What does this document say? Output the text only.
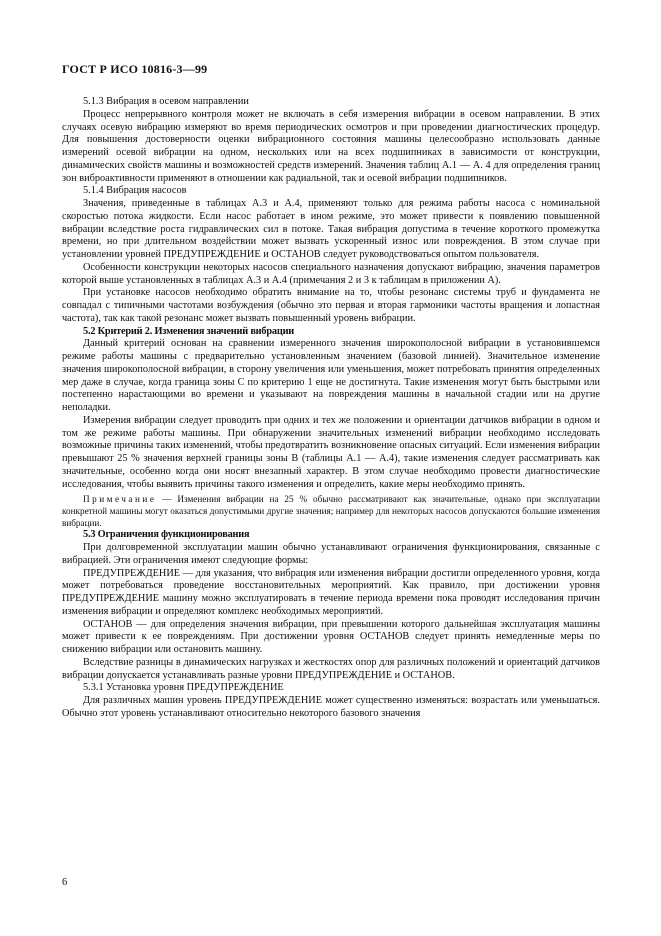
ГОСТ Р ИСО 10816-3—99

5.1.3 Вибрация в осевом направлении

Процесс непрерывного контроля может не включать в себя измерения вибрации в осевом направлении. В этих случаях осевую вибрацию измеряют во время периодических осмотров и при проведении диагностических процедур. Для повышения достоверности оценки вибрационного состояния машины целесообразно использовать данные измерений осевой вибрации на одном, нескольких или на всех подшипниках в зависимости от конструкции, динамических свойств машины и возможностей средств измерений. Значения таблиц А.1 — А. 4 для определения границ зон виброактивности применяют в отношении как радиальной, так и осевой вибрации подшипников.

5.1.4 Вибрация насосов

Значения, приведенные в таблицах А.3 и А.4, применяют только для режима работы насоса с номинальной скоростью потока жидкости. Если насос работает в ином режиме, это может привести к появлению повышенной вибрации вследствие роста гидравлических сил в потоке. Такая вибрация допустима в течение короткого промежутка времени, но при длительном воздействии может вызвать ускоренный износ или повреждения. В этом случае при установлении уровней ПРЕДУПРЕЖДЕНИЕ и ОСТАНОВ следует руководствоваться опытом пользователя.

Особенности конструкции некоторых насосов специального назначения допускают вибрацию, значения параметров которой выше установленных в таблицах А.3 и А.4 (примечания 2 и 3 к таблицам в приложении А).

При установке насосов необходимо обратить внимание на то, чтобы резонанс системы труб и фундамента не совпадал с типичными частотами возбуждения (обычно это первая и вторая гармоники частоты вращения и лопастная частота), так как такой резонанс может вызвать повышенный уровень вибрации.

5.2 Критерий 2. Изменения значений вибрации

Данный критерий основан на сравнении измеренного значения широкополосной вибрации в установившемся режиме работы машины с предварительно установленным значением (базовой линией). Значительное изменение значения широкополосной вибрации, в сторону увеличения или уменьшения, может потребовать принятия определенных мер даже в случае, когда граница зоны С по критерию 1 еще не достигнута. Такие изменения могут быть быстрыми или постепенно нарастающими во времени и указывают на повреждения машины в начальной стадии или на другие неполадки.

Измерения вибрации следует проводить при одних и тех же положении и ориентации датчиков вибрации в одном и том же режиме работы машины. При обнаружении значительных изменений вибрации необходимо исследовать возможные причины таких изменений, чтобы предотвратить возникновение опасных ситуаций. Если изменения вибрации превышают 25 % значения верхней границы зоны В (таблицы А.1 — А.4), такие изменения следует рассматривать как значительные, особенно когда они носят внезапный характер. В этом случае необходимо провести диагностические исследования, чтобы выявить причины такого изменения и определить, какие меры необходимо принять.

Примечание — Изменения вибрации на 25 % обычно рассматривают как значительные, однако при эксплуатации конкретной машины могут оказаться допустимыми другие значения; например для некоторых насосов допускаются большие изменения вибрации.

5.3 Ограничения функционирования

При долговременной эксплуатации машин обычно устанавливают ограничения функционирования, связанные с вибрацией. Эти ограничения имеют следующие формы:

ПРЕДУПРЕЖДЕНИЕ — для указания, что вибрация или изменения вибрации достигли определенного уровня, когда может потребоваться проведение восстановительных мероприятий. Как правило, при достижении уровня ПРЕДУПРЕЖДЕНИЕ машину можно эксплуатировать в течение периода времени пока проводят исследования причин изменения вибрации и определяют комплекс необходимых мероприятий.

ОСТАНОВ — для определения значения вибрации, при превышении которого дальнейшая эксплуатация машины может привести к ее повреждениям. При достижении уровня ОСТАНОВ следует принять немедленные меры по снижению вибрации или остановить машину.

Вследствие разницы в динамических нагрузках и жесткостях опор для различных положений и ориентаций датчиков вибрации допускается устанавливать разные уровни ПРЕДУПРЕЖДЕНИЕ и ОСТАНОВ.

5.3.1 Установка уровня ПРЕДУПРЕЖДЕНИЕ

Для различных машин уровень ПРЕДУПРЕЖДЕНИЕ может существенно изменяться: возрастать или уменьшаться. Обычно этот уровень устанавливают относительно некоторого базового значения

6
